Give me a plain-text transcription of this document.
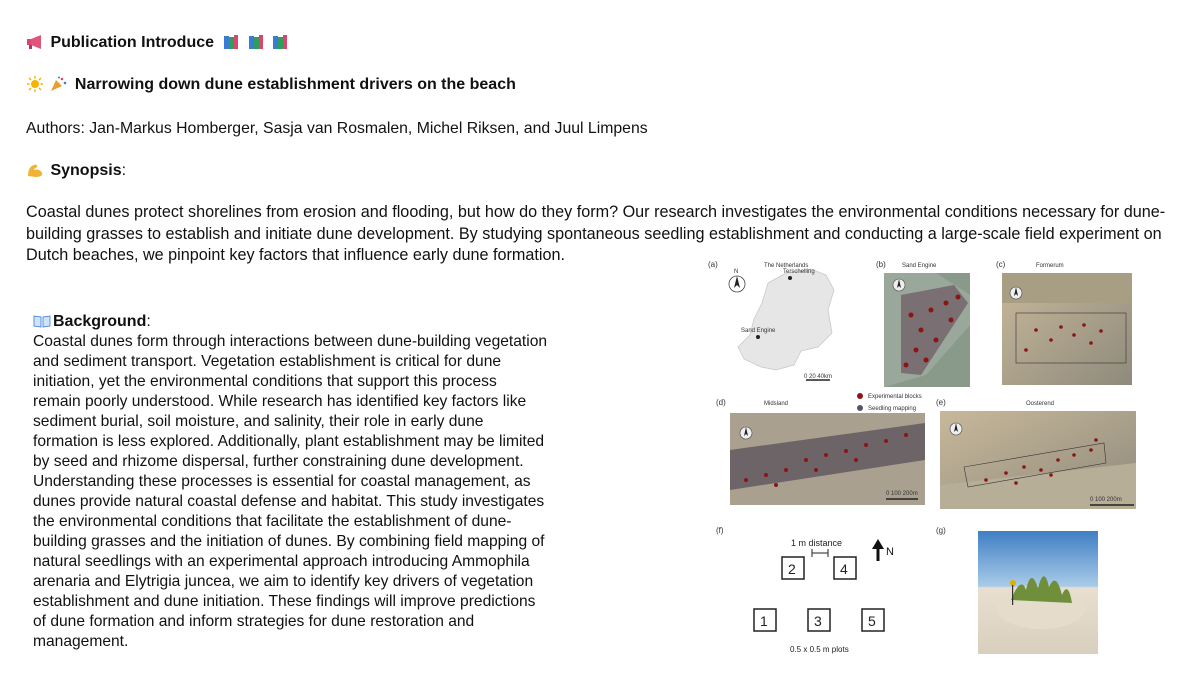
Publication Introduce
Narrowing down dune establishment drivers on the beach
Authors: Jan-Markus Homberger, Sasja van Rosmalen, Michel Riksen, and Juul Limpens
Synopsis:
Coastal dunes protect shorelines from erosion and flooding, but how do they form? Our research investigates the environmental conditions necessary for dune-building grasses to establish and initiate dune development. By studying spontaneous seedling establishment and conducting a large-scale field experiment on Dutch beaches, we pinpoint key factors that influence early dune formation.
Background:
Coastal dunes form through interactions between dune-building vegetation
and sediment transport. Vegetation establishment is critical for dune
initiation, yet the environmental conditions that support this process
remain poorly understood. While research has identified key factors like
sediment burial, soil moisture, and salinity, their role in early dune
formation is less explored. Additionally, plant establishment may be limited
by seed and rhizome dispersal, further constraining dune development.
Understanding these processes is essential for coastal management, as
dunes provide natural coastal defense and habitat. This study investigates
the environmental conditions that facilitate the establishment of dune-
building grasses and the initiation of dunes. By combining field mapping of
natural seedlings with an experimental approach introducing Ammophila
arenaria and Elytrigia juncea, we aim to identify key drivers of vegetation
establishment and dune initiation. These findings will improve predictions
of dune formation and inform strategies for dune restoration and
management.
(a)	The Netherlands
N	Terschelling
Sand Engine
0 20 40km
(b)	Sand Engine	(c)	Formerum
Experimental blocks
Seedling mapping
(d)	Midsland
0 100 200m
(e)	Oosterend
0 100 200m
(f)
1 m distance
2	4
N
1	3	5
0.5 x 0.5 m plots
(g)
